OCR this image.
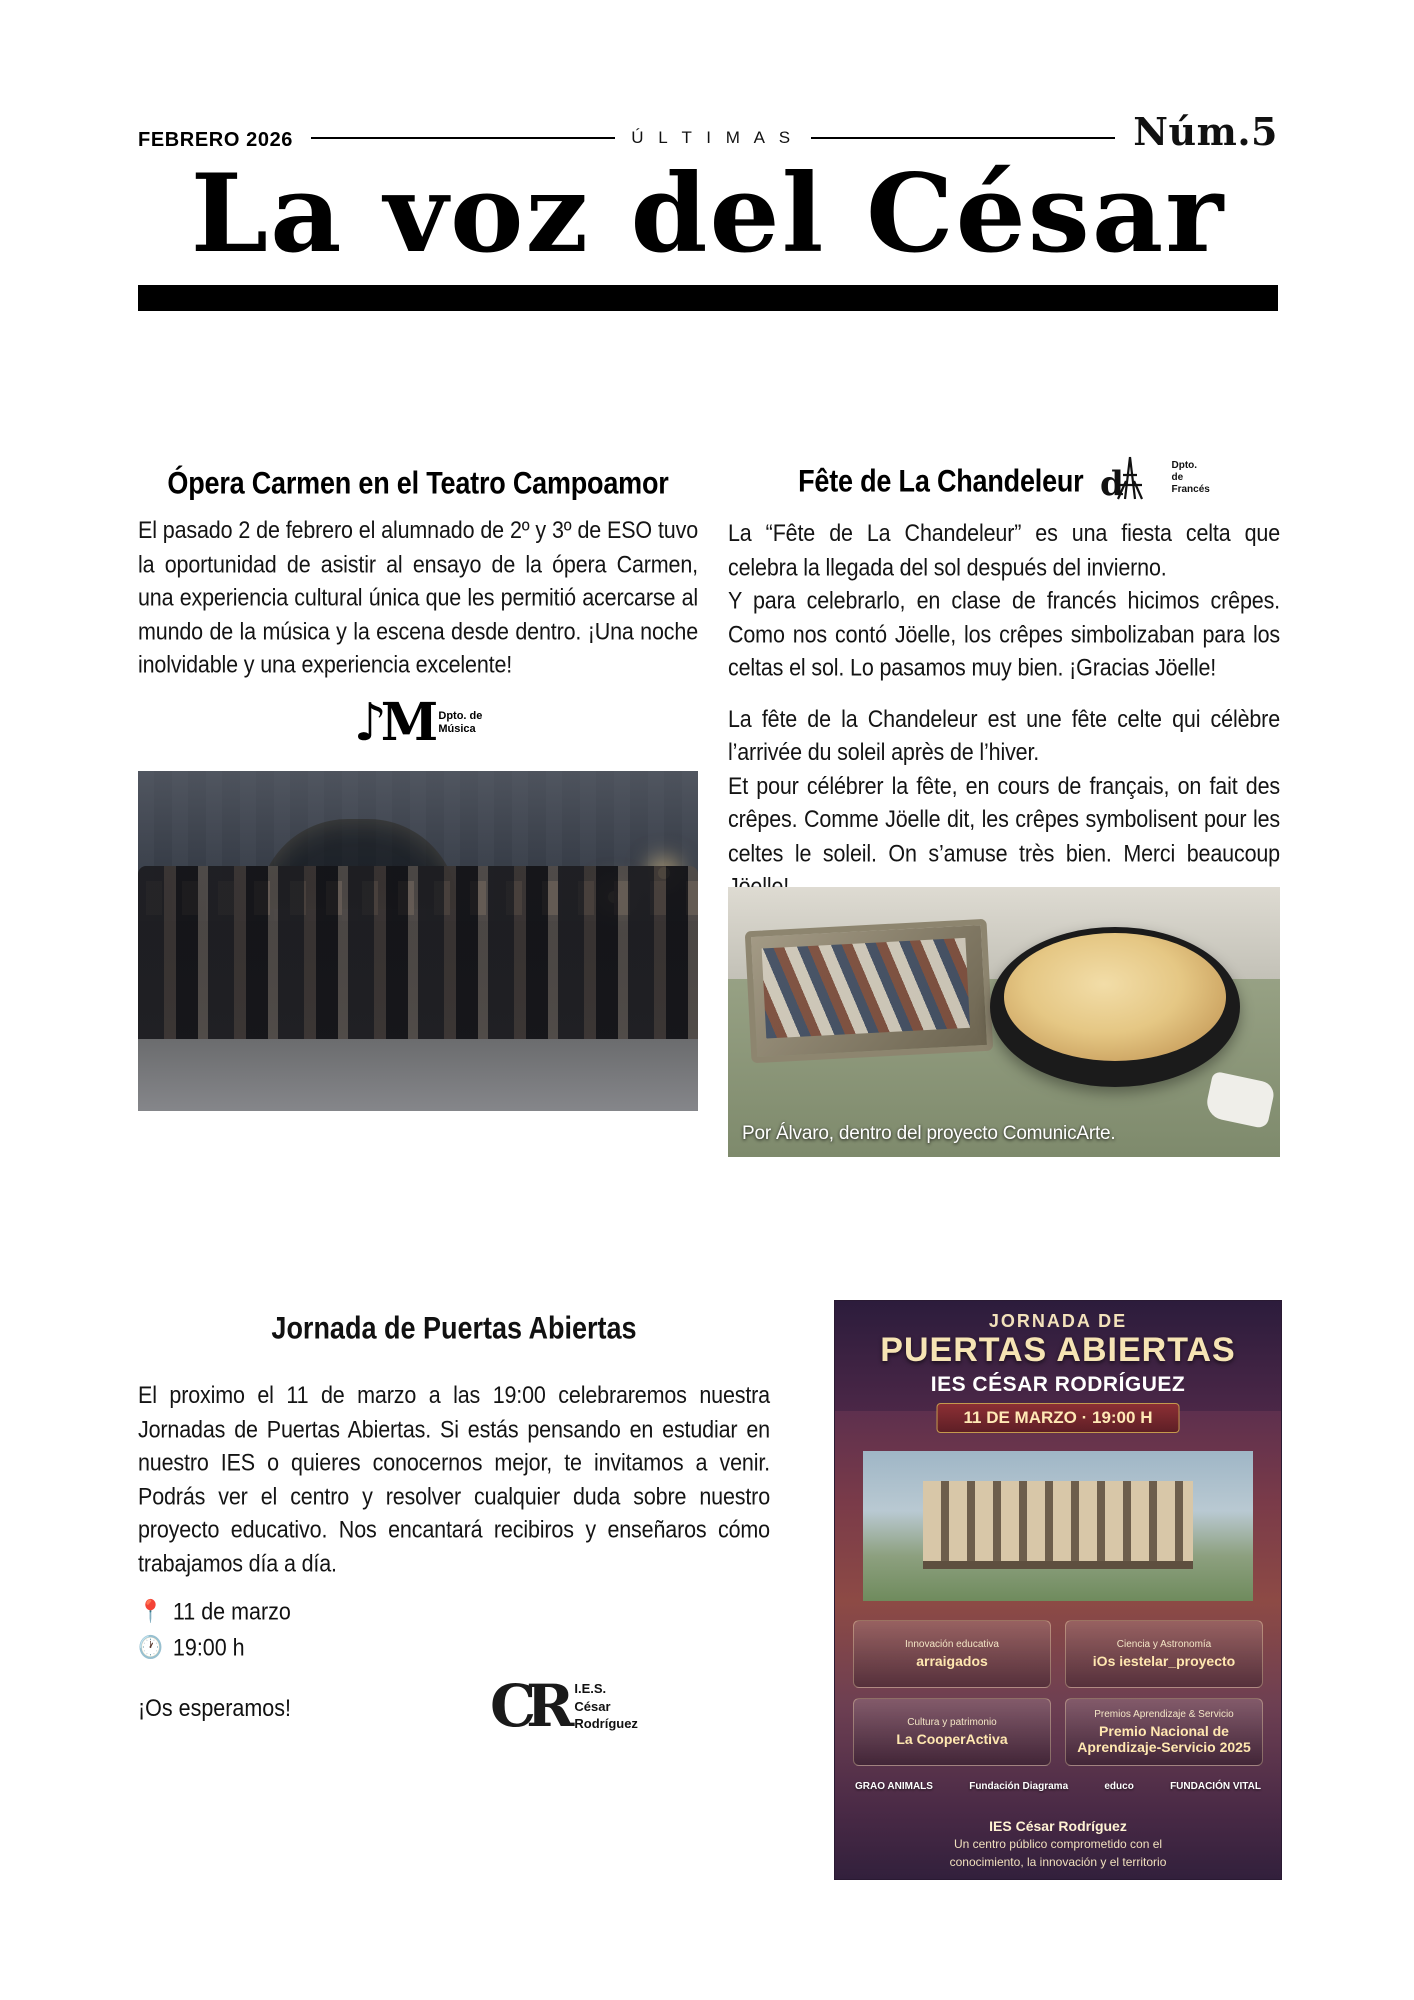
FEBRERO 2026	Ú L T I M A S	Núm.5
La voz del César
Ópera Carmen en el Teatro Campoamor

El pasado 2 de febrero el alumnado de 2º y 3º de ESO tuvo la oportunidad de asistir al ensayo de la ópera Carmen, una experiencia cultural única que les permitió acercarse al mundo de la música y la escena desde dentro. ¡Una noche inolvidable y una experiencia excelente!

♪M Dpto. de
Música
Fête de La Chandeleur d	Dpto.
de
Francés

La “Fête de La Chandeleur” es una fiesta celta que celebra la llegada del sol después del invierno.

Y para celebrarlo, en clase de francés hicimos crêpes. Como nos contó Jöelle, los crêpes simbolizaban para los celtas el sol. Lo pasamos muy bien. ¡Gracias Jöelle!

La fête de la Chandeleur est une fête celte qui célèbre l’arrivée du soleil après de l’hiver.

Et pour célébrer la fête, en cours de français, on fait des crêpes. Comme Jöelle dit, les crêpes symbolisent pour les celtes le soleil. On s’amuse très bien. Merci beaucoup

Por Álvaro, dentro del proyecto ComunicArte.
Jornada de Puertas Abiertas

El proximo el 11 de marzo a las 19:00 celebraremos nuestra Jornadas de Puertas Abiertas. Si estás pensando en estudiar en nuestro IES o quieres conocernos mejor, te invitamos a venir. Podrás ver el centro y resolver cualquier duda sobre nuestro proyecto educativo. Nos encantará recibiros y enseñaros cómo trabajamos día a día.

📍 11 de marzo
🕐 19:00 h
¡Os esperamos!	CR I.E.S.
César
Rodríguez
JORNADA DE
PUERTAS ABIERTAS
IES CÉSAR RODRÍGUEZ
11 DE MARZO · 19:00 H
Innovación educativa
arraigados
Ciencia y Astronomía
iOs iestelar_proyecto
Cultura y patrimonio
La CooperActiva
Premios Aprendizaje & Servicio
Premio Nacional de Aprendizaje-Servicio 2025
GRAO ANIMALS	Fundación Diagrama	educo	FUNDACIÓN VITAL
IES César Rodríguez
Un centro público comprometido con el
conocimiento, la innovación y el territorio
